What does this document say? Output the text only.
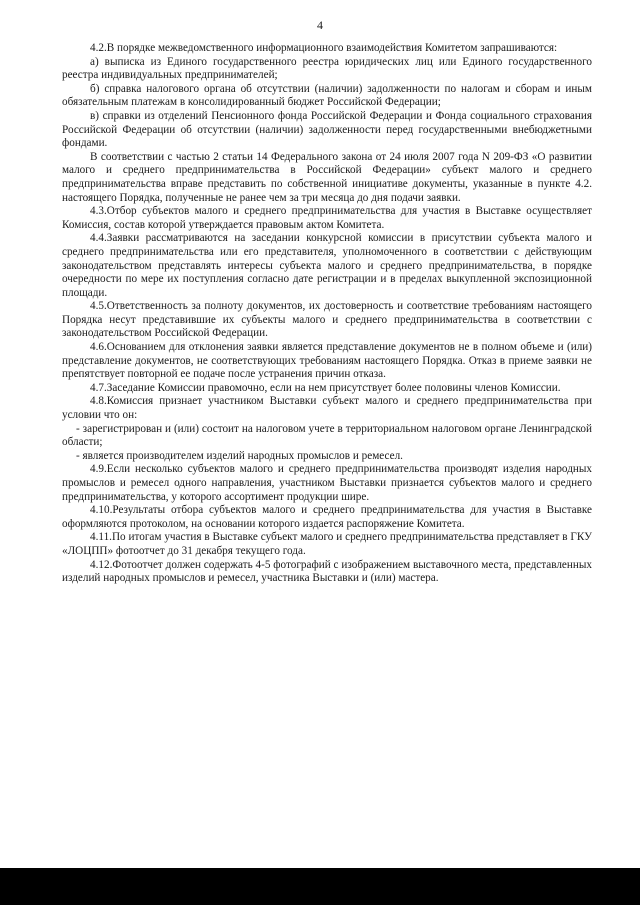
4

4.2.В порядке межведомственного информационного взаимодействия Комитетом запрашиваются:

а) выписка из Единого государственного реестра юридических лиц или Единого государственного реестра индивидуальных предпринимателей;

б) справка налогового органа об отсутствии (наличии) задолженности по налогам и сборам и иным обязательным платежам в консолидированный бюджет Российской Федерации;

в) справки из отделений Пенсионного фонда Российской Федерации и Фонда социального страхования Российской Федерации об отсутствии (наличии) задолженности перед государственными внебюджетными фондами.

В соответствии с частью 2 статьи 14 Федерального закона от 24 июля 2007 года N 209-ФЗ «О развитии малого и среднего предпринимательства в Российской Федерации» субъект малого и среднего предпринимательства вправе представить по собственной инициативе документы, указанные в пункте 4.2. настоящего Порядка, полученные не ранее чем за три месяца до дня подачи заявки.

4.3.Отбор субъектов малого и среднего предпринимательства для участия в Выставке осуществляет Комиссия, состав которой утверждается правовым актом Комитета.

4.4.Заявки рассматриваются на заседании конкурсной комиссии в присутствии субъекта малого и среднего предпринимательства или его представителя, уполномоченного в соответствии с действующим законодательством представлять интересы субъекта малого и среднего предпринимательства, в порядке очередности по мере их поступления согласно дате регистрации и в пределах выкупленной экспозиционной площади.

4.5.Ответственность за полноту документов, их достоверность и соответствие требованиям настоящего Порядка несут представившие их субъекты малого и среднего предпринимательства в соответствии с законодательством Российской Федерации.

4.6.Основанием для отклонения заявки является представление документов не в полном объеме и (или) представление документов, не соответствующих требованиям настоящего Порядка. Отказ в приеме заявки не препятствует повторной ее подаче после устранения причин отказа.

4.7.Заседание Комиссии правомочно, если на нем присутствует более половины членов Комиссии.

4.8.Комиссия признает участником Выставки субъект малого и среднего предпринимательства при условии что он:

- зарегистрирован и (или) состоит на налоговом учете в территориальном налоговом органе Ленинградской области;

- является производителем изделий народных промыслов и ремесел.

4.9.Если несколько субъектов малого и среднего предпринимательства производят изделия народных промыслов и ремесел одного направления, участником Выставки признается субъектов малого и среднего предпринимательства, у которого ассортимент продукции шире.

4.10.Результаты отбора субъектов малого и среднего предпринимательства для участия в Выставке оформляются протоколом, на основании которого издается распоряжение Комитета.

4.11.По итогам участия в Выставке субъект малого и среднего предпринимательства представляет в ГКУ «ЛОЦПП» фотоотчет до 31 декабря текущего года.

4.12.Фотоотчет должен содержать 4-5 фотографий с изображением выставочного места, представленных изделий народных промыслов и ремесел, участника Выставки и (или) мастера.
